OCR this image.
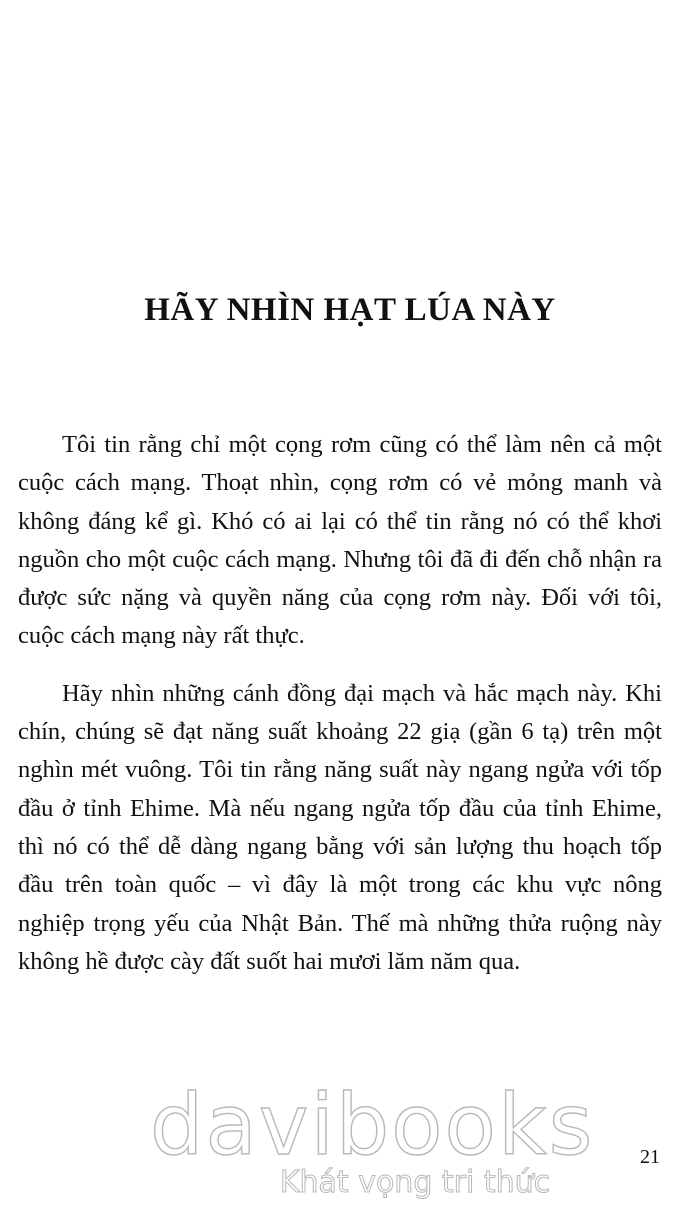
HÃY NHÌN HẠT LÚA NÀY

Tôi tin rằng chỉ một cọng rơm cũng có thể làm nên cả một cuộc cách mạng. Thoạt nhìn, cọng rơm có vẻ mỏng manh và không đáng kể gì. Khó có ai lại có thể tin rằng nó có thể khơi nguồn cho một cuộc cách mạng. Nhưng tôi đã đi đến chỗ nhận ra được sức nặng và quyền năng của cọng rơm này. Đối với tôi, cuộc cách mạng này rất thực.

Hãy nhìn những cánh đồng đại mạch và hắc mạch này. Khi chín, chúng sẽ đạt năng suất khoảng 22 giạ (gần 6 tạ) trên một nghìn mét vuông. Tôi tin rằng năng suất này ngang ngửa với tốp đầu ở tỉnh Ehime. Mà nếu ngang ngửa tốp đầu của tỉnh Ehime, thì nó có thể dễ dàng ngang bằng với sản lượng thu hoạch tốp đầu trên toàn quốc – vì đây là một trong các khu vực nông nghiệp trọng yếu của Nhật Bản. Thế mà những thửa ruộng này không hề được cày đất suốt hai mươi lăm năm qua.

davibooks
Khát vọng tri thức
21
